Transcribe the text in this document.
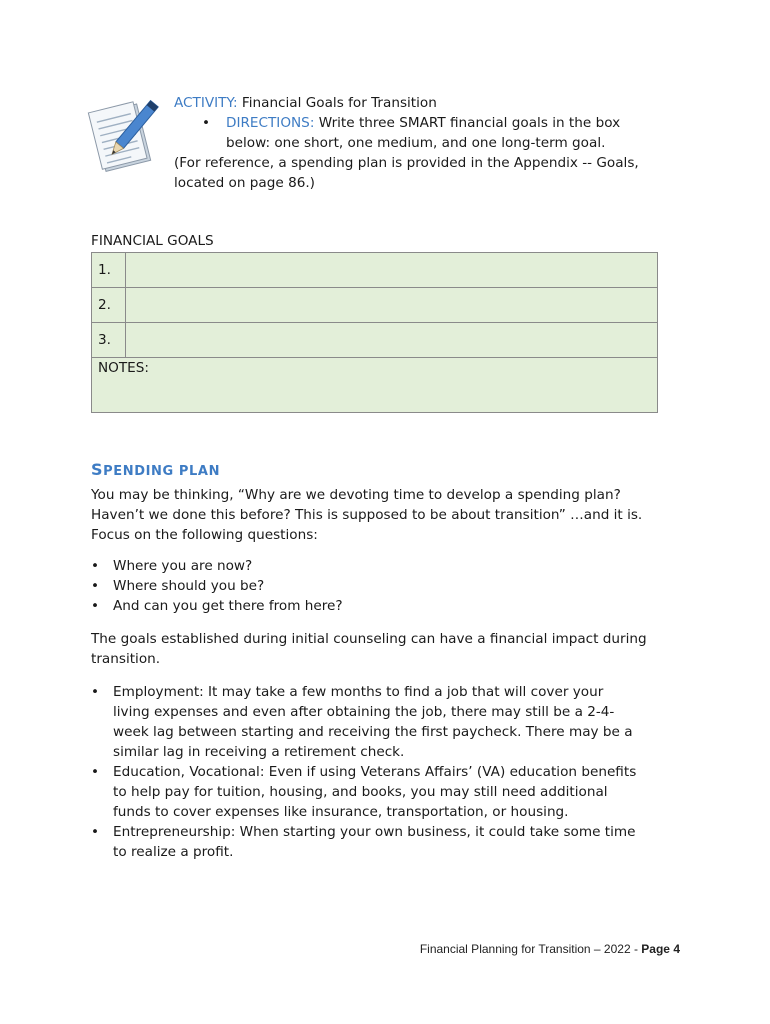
ACTIVITY: Financial Goals for Transition
• DIRECTIONS: Write three SMART financial goals in the box
below: one short, one medium, and one long-term goal.
(For reference, a spending plan is provided in the Appendix -- Goals,
located on page 86.)
FINANCIAL GOALS
1.	
2.	
3.	
NOTES:	
SPENDING PLAN
You may be thinking, “Why are we devoting time to develop a spending plan?
Haven’t we done this before? This is supposed to be about transition” …and it is.
Focus on the following questions:
• Where you are now?
• Where should you be?
• And can you get there from here?
The goals established during initial counseling can have a financial impact during
transition.
• Employment: It may take a few months to find a job that will cover your
living expenses and even after obtaining the job, there may still be a 2-4-
week lag between starting and receiving the first paycheck. There may be a
similar lag in receiving a retirement check.
• Education, Vocational: Even if using Veterans Affairs’ (VA) education benefits
to help pay for tuition, housing, and books, you may still need additional
funds to cover expenses like insurance, transportation, or housing.
• Entrepreneurship: When starting your own business, it could take some time
to realize a profit.
Financial Planning for Transition – 2022 - Page 4
